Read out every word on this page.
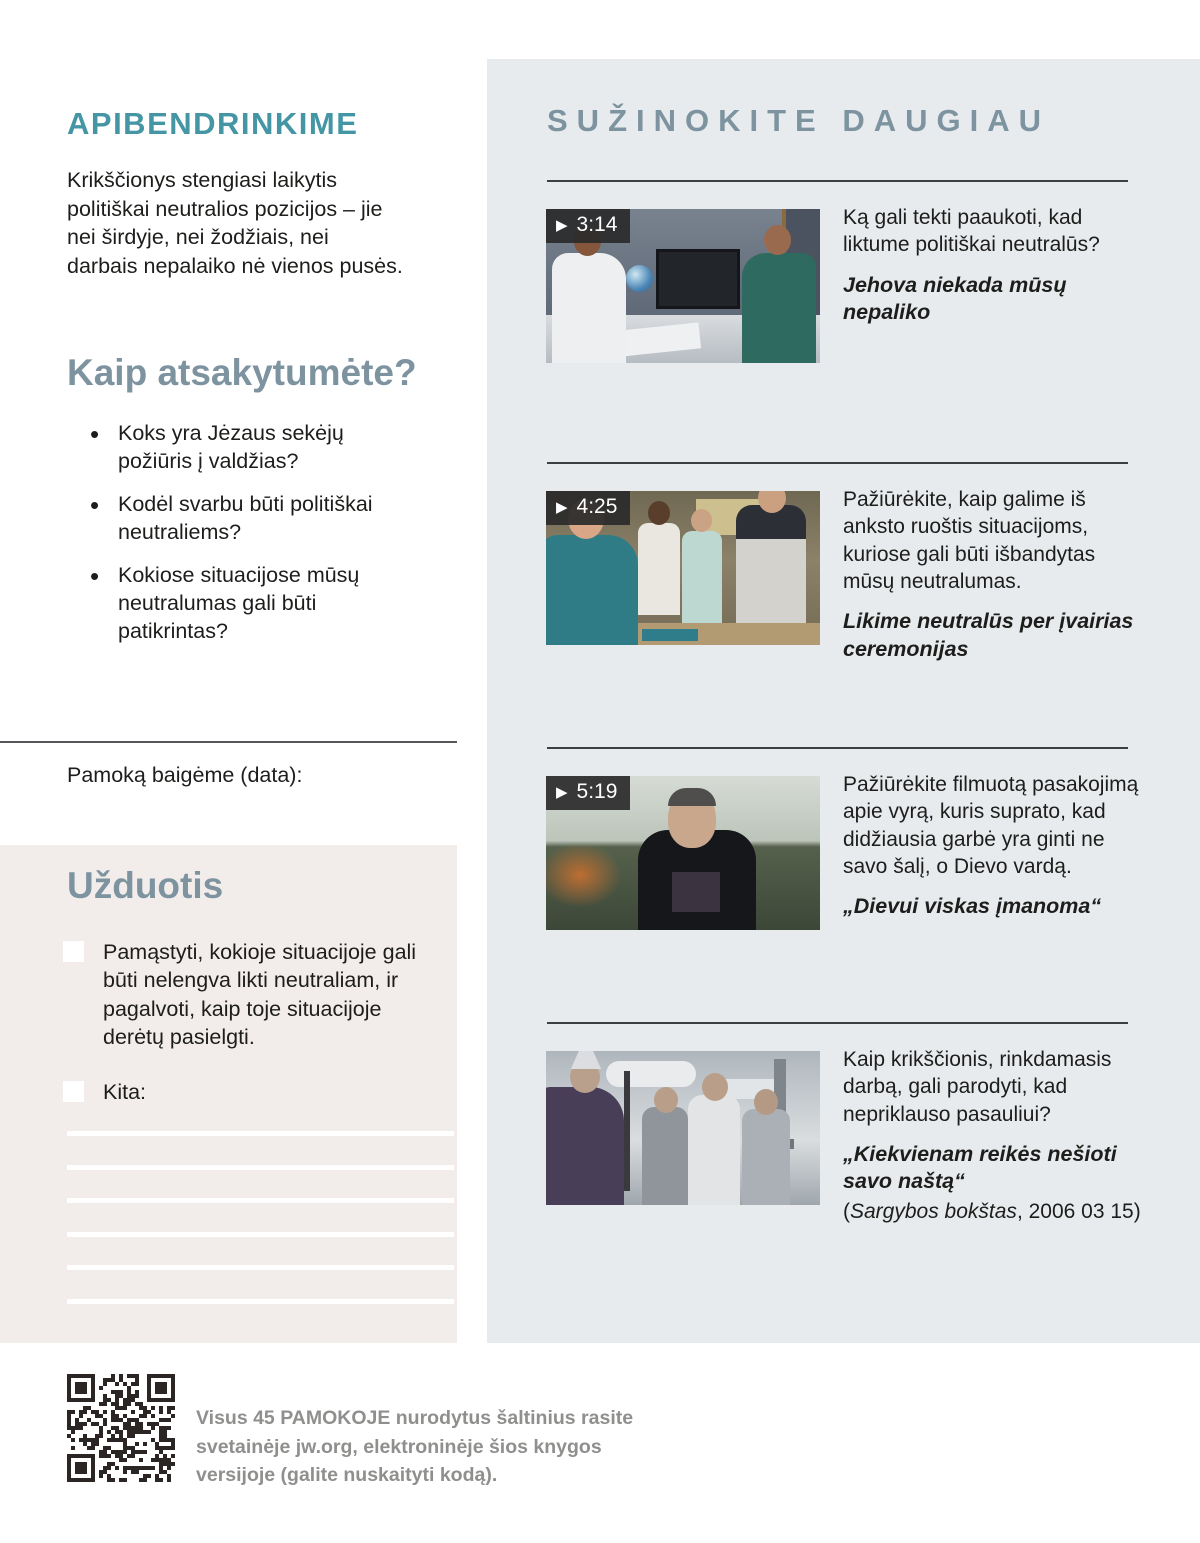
APIBENDRINKIME

Krikščionys stengiasi laikytis politiškai neutralios pozicijos – jie nei širdyje, nei žodžiais, nei darbais nepalaiko nė vienos pusės.

Kaip atsakytumėte?
• Koks yra Jėzaus sekėjų požiūris į valdžias?
• Kodėl svarbu būti politiškai neutraliems?
• Kokiose situacijose mūsų neutralumas gali būti patikrintas?

Pamoką baigėme (data):

Užduotis
Pamąstyti, kokioje situacijoje gali būti nelengva likti neutraliam, ir pagalvoti, kaip toje situacijoje derėtų pasielgti.
Kita:

Visus 45 PAMOKOJE nurodytus šaltinius rasite svetainėje jw.org, elektroninėje šios knygos versijoje (galite nuskaityti kodą).

SUŽINOKITE DAUGIAU
▶ 3:14	Ką gali tekti paaukoti, kad liktume politiškai neutralūs?

Jehova niekada mūsų nepaliko

▶ 4:25	Pažiūrėkite, kaip galime iš anksto ruoštis situacijoms, kuriose gali būti išbandytas mūsų neutralumas.

Likime neutralūs per įvairias ceremonijas

▶ 5:19	Pažiūrėkite filmuotą pasakojimą apie vyrą, kuris suprato, kad didžiausia garbė yra ginti ne savo šalį, o Dievo vardą.

„Dievui viskas įmanoma“

Kaip krikščionis, rinkdamasis darbą, gali parodyti, kad nepriklauso pasauliui?

„Kiekvienam reikės nešioti savo naštą“

(Sargybos bokštas, 2006 03 15)
